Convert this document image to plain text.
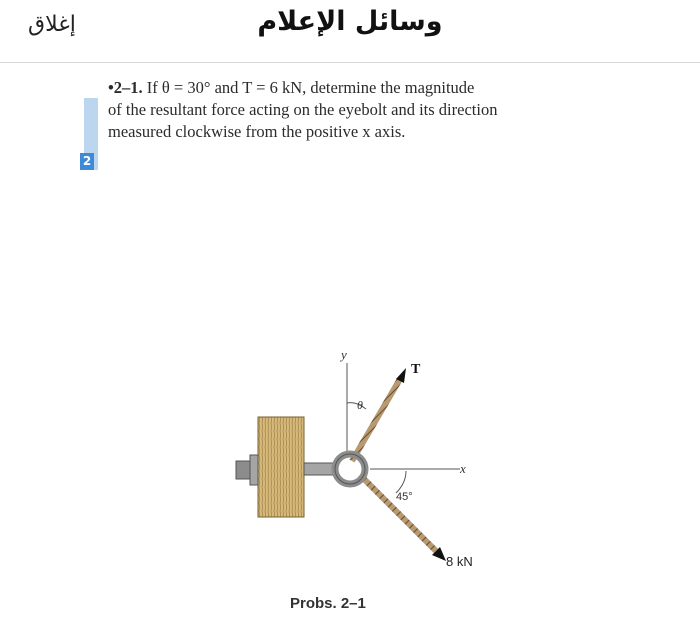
إغلاق	وسائل الإعلام
2
•2–1. If θ = 30° and T = 6 kN, determine the magnitude
of the resultant force acting on the eyebolt and its direction
measured clockwise from the positive x axis.
y
x
T
8 kN
θ
45°
Probs. 2–1
